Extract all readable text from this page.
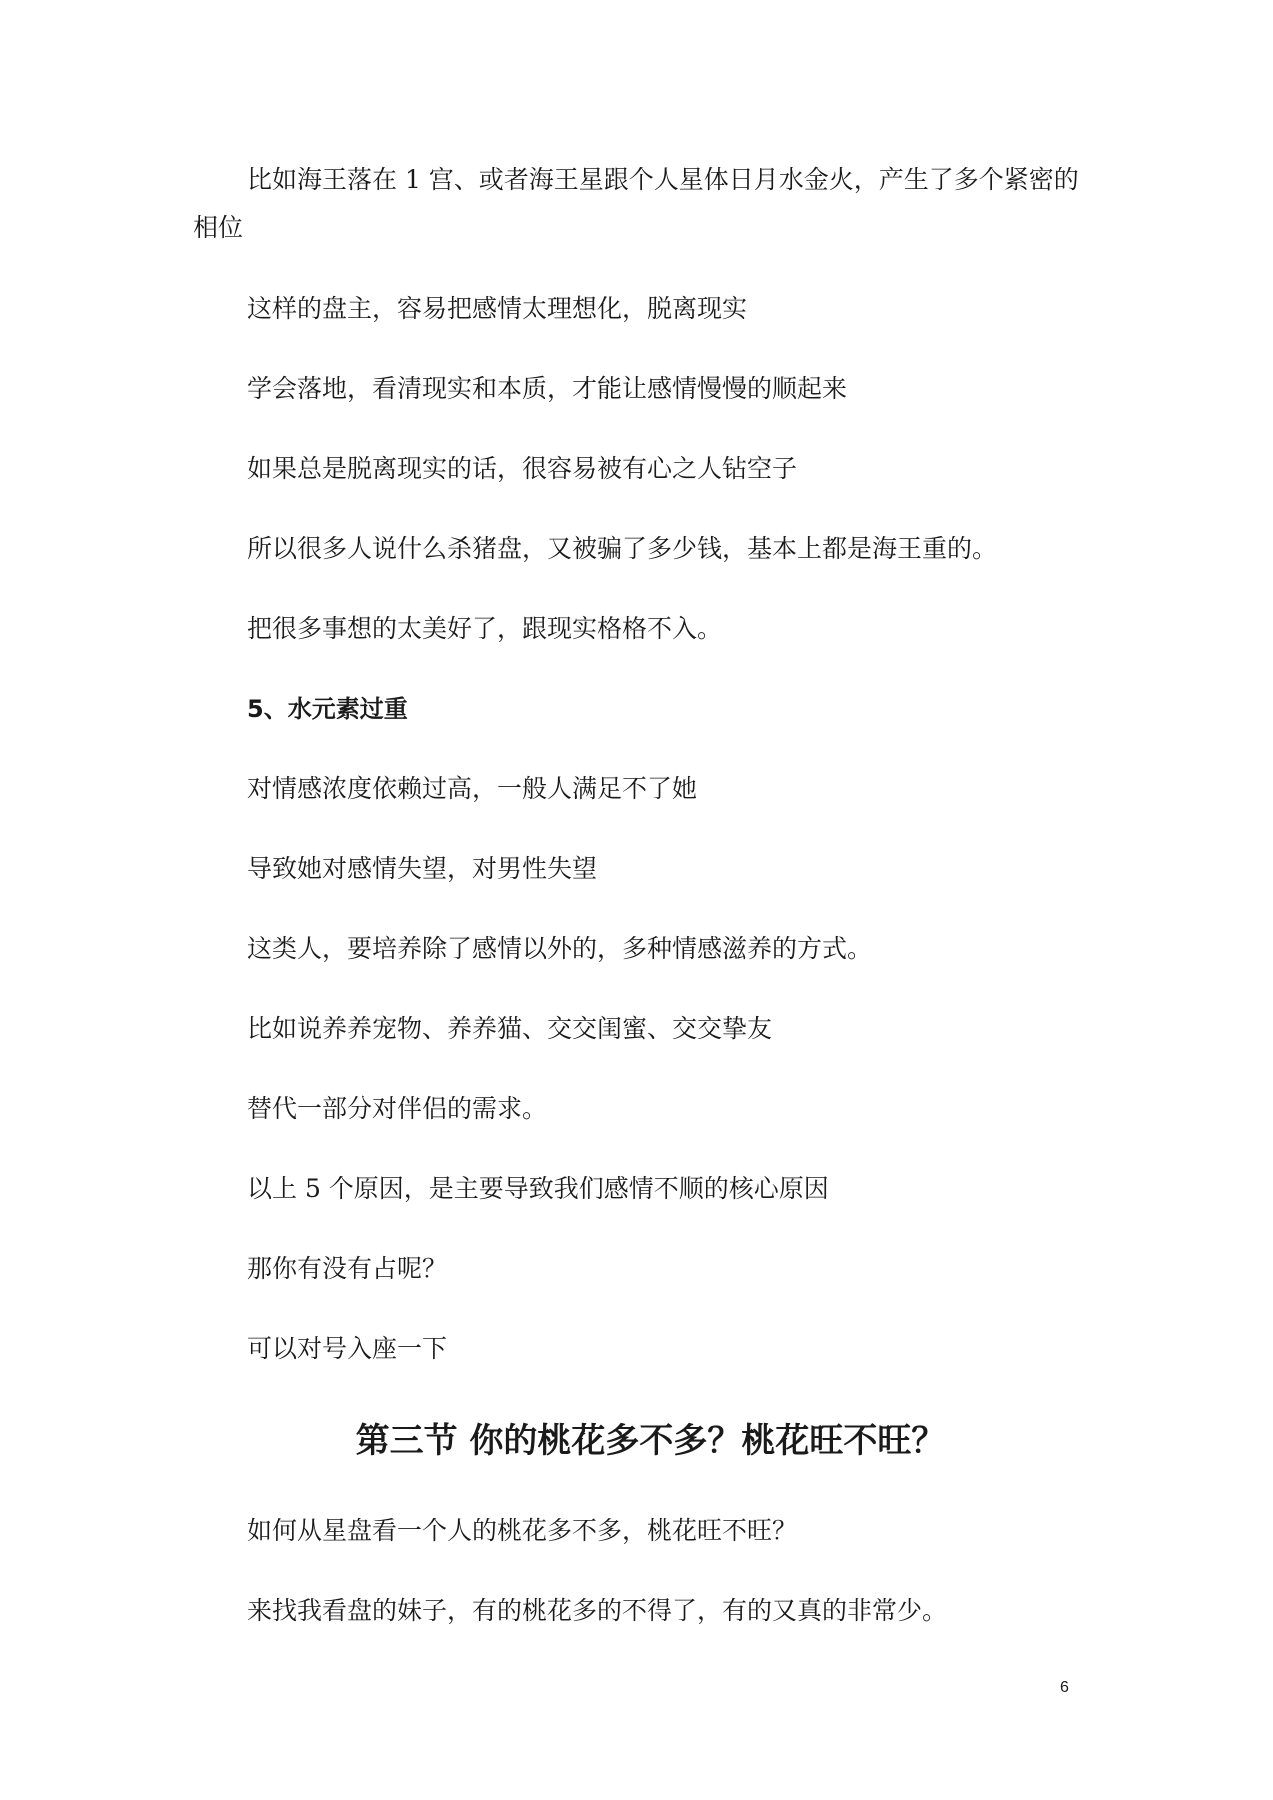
比如海王落在 1 宫、或者海王星跟个人星体日月水金火，产生了多个紧密的

相位

这样的盘主，容易把感情太理想化，脱离现实

学会落地，看清现实和本质，才能让感情慢慢的顺起来

如果总是脱离现实的话，很容易被有心之人钻空子

所以很多人说什么杀猪盘，又被骗了多少钱，基本上都是海王重的。

把很多事想的太美好了，跟现实格格不入。

5、水元素过重

对情感浓度依赖过高，一般人满足不了她

导致她对感情失望，对男性失望

这类人，要培养除了感情以外的，多种情感滋养的方式。

比如说养养宠物、养养猫、交交闺蜜、交交挚友

替代一部分对伴侣的需求。

以上 5 个原因，是主要导致我们感情不顺的核心原因

那你有没有占呢？

可以对号入座一下

第三节 你的桃花多不多？桃花旺不旺？

如何从星盘看一个人的桃花多不多，桃花旺不旺？

来找我看盘的妹子，有的桃花多的不得了，有的又真的非常少。

6
